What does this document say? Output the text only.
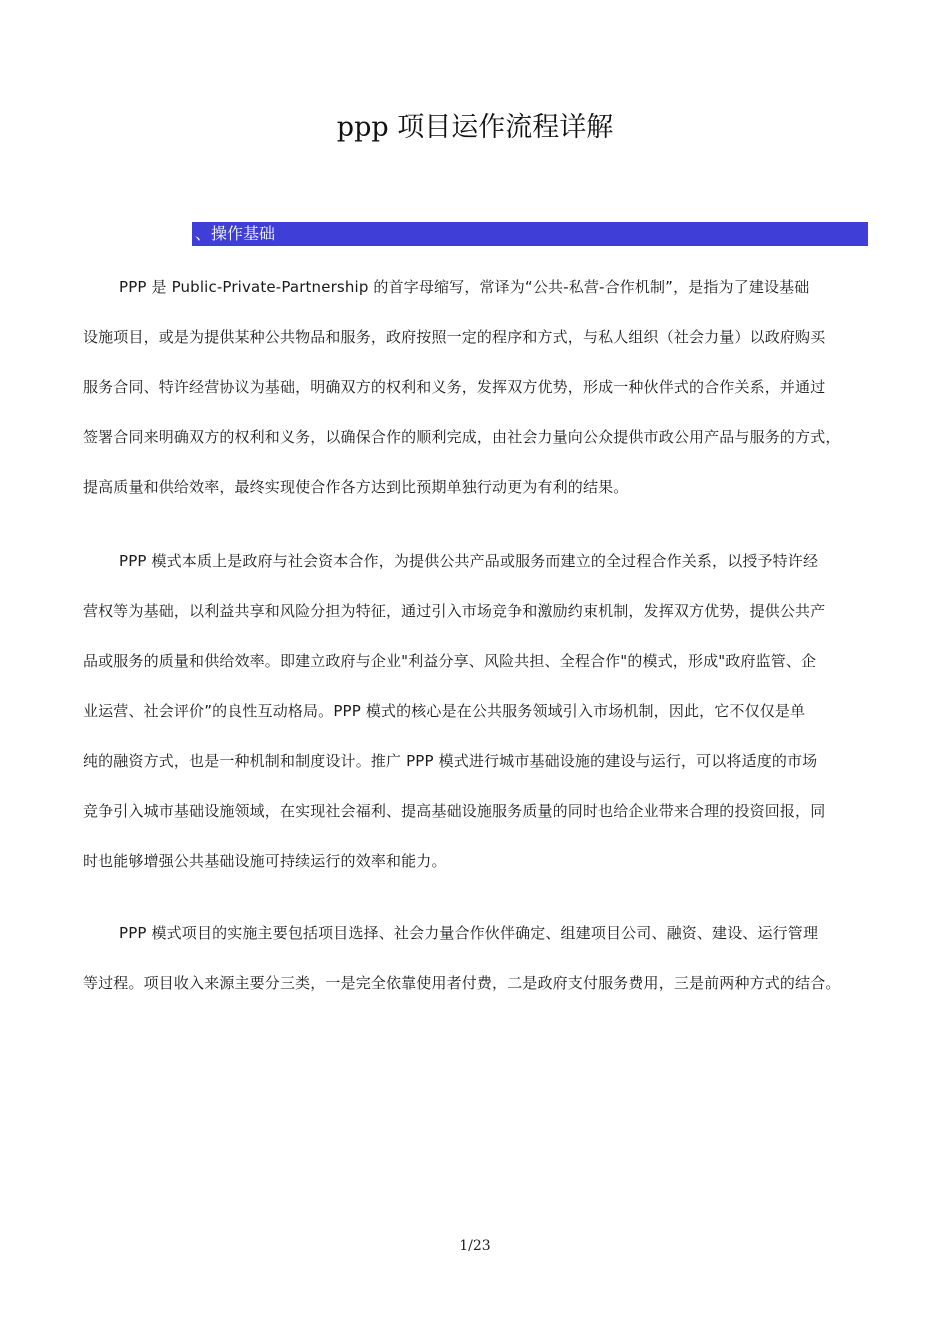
ppp 项目运作流程详解
、操作基础
PPP 是 Public-Private-Partnership 的首字母缩写，常译为“公共-私营-合作机制”，是指为了建设基础
设施项目，或是为提供某种公共物品和服务，政府按照一定的程序和方式，与私人组织（社会力量）以政府购买
服务合同、特许经营协议为基础，明确双方的权利和义务，发挥双方优势，形成一种伙伴式的合作关系，并通过
签署合同来明确双方的权利和义务，以确保合作的顺利完成，由社会力量向公众提供市政公用产品与服务的方式，
提高质量和供给效率，最终实现使合作各方达到比预期单独行动更为有利的结果。
PPP 模式本质上是政府与社会资本合作，为提供公共产品或服务而建立的全过程合作关系，以授予特许经
营权等为基础，以利益共享和风险分担为特征，通过引入市场竞争和激励约束机制，发挥双方优势，提供公共产
品或服务的质量和供给效率。即建立政府与企业"利益分享、风险共担、全程合作"的模式，形成"政府监管、企
业运营、社会评价”的良性互动格局。PPP 模式的核心是在公共服务领域引入市场机制，因此，它不仅仅是单
纯的融资方式，也是一种机制和制度设计。推广 PPP 模式进行城市基础设施的建设与运行，可以将适度的市场
竞争引入城市基础设施领域，在实现社会福利、提高基础设施服务质量的同时也给企业带来合理的投资回报，同
时也能够增强公共基础设施可持续运行的效率和能力。
PPP 模式项目的实施主要包括项目选择、社会力量合作伙伴确定、组建项目公司、融资、建设、运行管理
等过程。项目收入来源主要分三类，一是完全依靠使用者付费，二是政府支付服务费用，三是前两种方式的结合。
1/23
